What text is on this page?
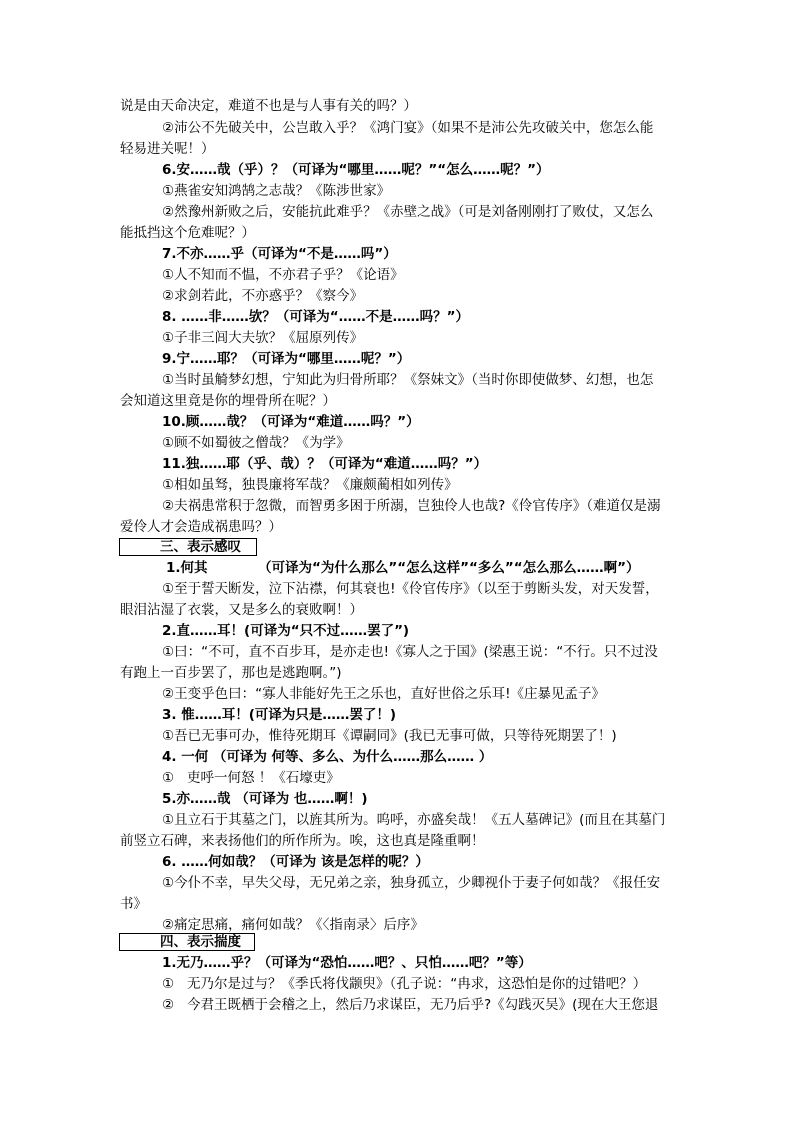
说是由天命决定，难道不也是与人事有关的吗？）
②沛公不先破关中，公岂敢入乎？《鸿门宴》（如果不是沛公先攻破关中，您怎么能
轻易进关呢！）
6.安……哉（乎）？（可译为“哪里……呢？”“怎么……呢？”）
①燕雀安知鸿鹄之志哉？《陈涉世家》
②然豫州新败之后，安能抗此难乎？《赤壁之战》（可是刘备刚刚打了败仗，又怎么
能抵挡这个危难呢？）
7.不亦……乎（可译为“不是……吗”）
①人不知而不愠，不亦君子乎？《论语》
②求剑若此，不亦惑乎？《察今》
8. ……非……欤？（可译为“……不是……吗？”）
①子非三闾大夫欤？《屈原列传》
9.宁……耶？（可译为“哪里……呢？”）
①当时虽觭梦幻想，宁知此为归骨所耶？《祭妹文》（当时你即使做梦、幻想，也怎
会知道这里竟是你的埋骨所在呢？）
10.顾……哉？（可译为“难道……吗？”）
①顾不如蜀彼之僧哉？《为学》
11.独……耶（乎、哉）？（可译为“难道……吗？”）
①相如虽驽，独畏廉将军哉？《廉颇蔺相如列传》
②夫祸患常积于忽微，而智勇多困于所溺，岂独伶人也哉?《伶官传序》（难道仅是溺
爱伶人才会造成祸患吗？）
三、表示感叹
1.何其	（可译为“为什么那么”“怎么这样”“多么”“怎么那么……啊”）
①至于誓天断发，泣下沾襟，何其衰也!《伶官传序》（以至于剪断头发，对天发誓，
眼泪沾湿了衣裳，又是多么的衰败啊！）
2.直……耳！(可译为“只不过……罢了”)
①曰：“不可，直不百步耳，是亦走也!《寡人之于国》(梁惠王说：“不行。只不过没
有跑上一百步罢了，那也是逃跑啊。”)
②王变乎色曰：“寡人非能好先王之乐也，直好世俗之乐耳!《庄暴见孟子》
3. 惟……耳！(可译为只是……罢了！)
①吾已无事可办，惟待死期耳《谭嗣同》(我已无事可做，只等待死期罢了！)
4. 一何 （可译为 何等、多么、为什么……那么…… ）
①   吏呼一何怒 ！《石壕吏》
5.亦……哉 （可译为 也……啊！)
①且立石于其墓之门，以旌其所为。呜呼，亦盛矣哉！《五人墓碑记》(而且在其墓门
前竖立石碑，来表扬他们的所作所为。唉，这也真是隆重啊！
6. ……何如哉？（可译为 该是怎样的呢？）
①今仆不幸，早失父母，无兄弟之亲，独身孤立，少卿视仆于妻子何如哉？《报任安
书》
②痛定思痛，痛何如哉？《〈指南录〉后序》
四、表示揣度
1.无乃……乎？（可译为“恐怕……吧？、只怕……吧？”等）
①   无乃尔是过与？《季氏将伐颛臾》（孔子说：“冉求，这恐怕是你的过错吧？）
②   今君王既栖于会稽之上，然后乃求谋臣，无乃后乎?《勾践灭吴》(现在大王您退
